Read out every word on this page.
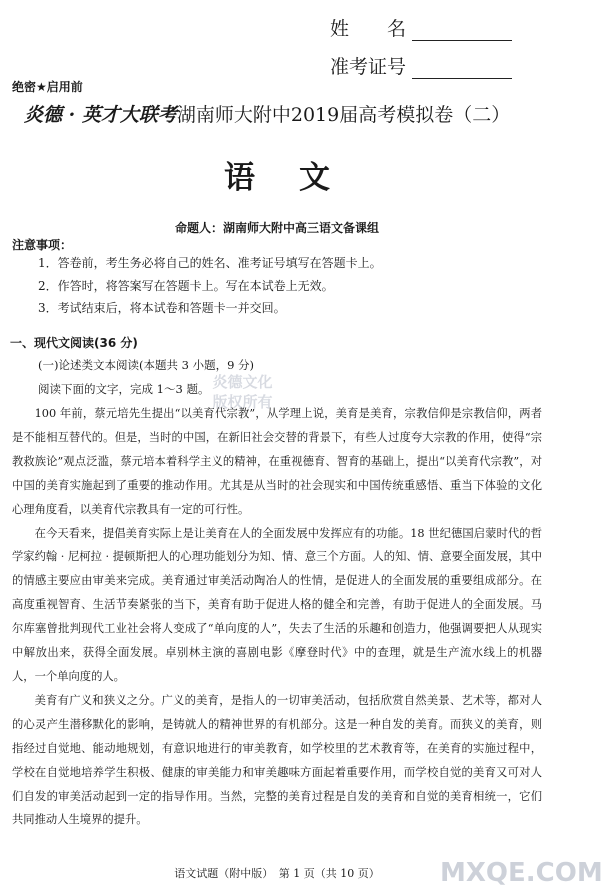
姓　　名
准考证号
绝密★启用前
炎德 · 英才大联考湖南师大附中2019届高考模拟卷（二）
语文
命题人：湖南师大附中高三语文备课组
注意事项：
1．答卷前，考生务必将自己的姓名、准考证号填写在答题卡上。
2．作答时，将答案写在答题卡上。写在本试卷上无效。
3．考试结束后，将本试卷和答题卡一并交回。
一、现代文阅读(36 分)
(一)论述类文本阅读(本题共 3 小题，9 分)
阅读下面的文字，完成 1～3 题。 炎德文化
版权所有

100 年前，蔡元培先生提出“以美育代宗教”，从学理上说，美育是美育，宗教信仰是宗教信仰，两者是不能相互替代的。但是，当时的中国，在新旧社会交替的背景下，有些人过度夸大宗教的作用，使得“宗教救族论”观点泛滥，蔡元培本着科学主义的精神，在重视德育、智育的基础上，提出“以美育代宗教”，对中国的美育实施起到了重要的推动作用。尤其是从当时的社会现实和中国传统重感悟、重当下体验的文化心理角度看，以美育代宗教具有一定的可行性。

在今天看来，提倡美育实际上是让美育在人的全面发展中发挥应有的功能。18 世纪德国启蒙时代的哲学家约翰 · 尼柯拉 · 提顿斯把人的心理功能划分为知、情、意三个方面。人的知、情、意要全面发展，其中的情感主要应由审美来完成。美育通过审美活动陶冶人的性情，是促进人的全面发展的重要组成部分。在高度重视智育、生活节奏紧张的当下，美育有助于促进人格的健全和完善，有助于促进人的全面发展。马尔库塞曾批判现代工业社会将人变成了“单向度的人”，失去了生活的乐趣和创造力，他强调要把人从现实中解放出来，获得全面发展。卓别林主演的喜剧电影《摩登时代》中的查理，就是生产流水线上的机器人，一个单向度的人。

美育有广义和狭义之分。广义的美育，是指人的一切审美活动，包括欣赏自然美景、艺术等，都对人的心灵产生潜移默化的影响，是铸就人的精神世界的有机部分。这是一种自发的美育。而狭义的美育，则指经过自觉地、能动地规划，有意识地进行的审美教育，如学校里的艺术教育等，在美育的实施过程中，学校在自觉地培养学生积极、健康的审美能力和审美趣味方面起着重要作用，而学校自觉的美育又可对人们自发的审美活动起到一定的指导作用。当然，完整的美育过程是自发的美育和自觉的美育相统一，它们共同推动人生境界的提升。

语文试题（附中版）　第 1 页（共 10 页）	MXQE.COM
